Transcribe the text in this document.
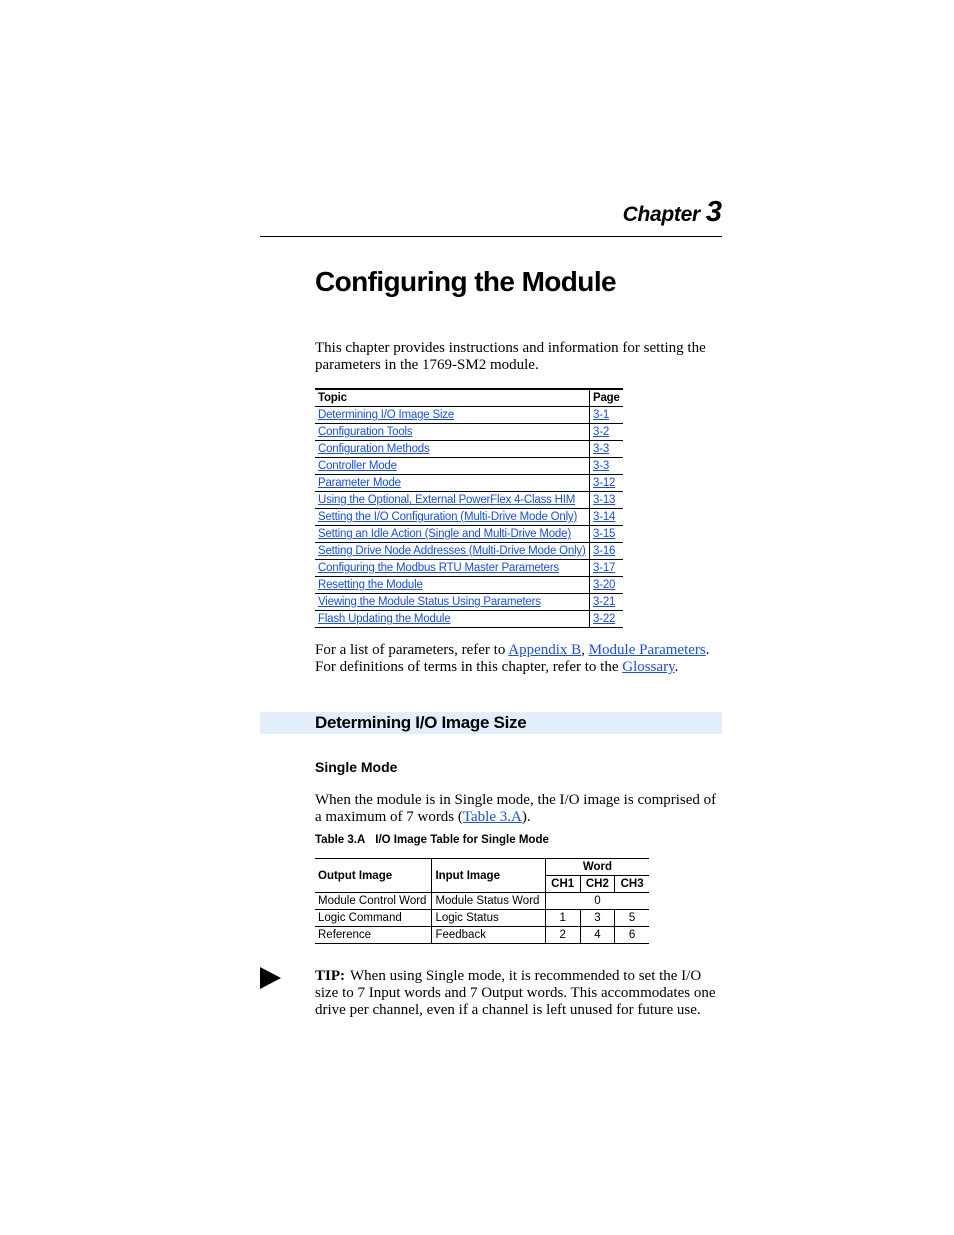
Chapter 3
Configuring the Module
This chapter provides instructions and information for setting the parameters in the 1769-SM2 module.
Topic	Page
Determining I/O Image Size	3-1
Configuration Tools	3-2
Configuration Methods	3-3
Controller Mode	3-3
Parameter Mode	3-12
Using the Optional, External PowerFlex 4-Class HIM	3-13
Setting the I/O Configuration (Multi-Drive Mode Only)	3-14
Setting an Idle Action (Single and Multi-Drive Mode)	3-15
Setting Drive Node Addresses (Multi-Drive Mode Only)	3-16
Configuring the Modbus RTU Master Parameters	3-17
Resetting the Module	3-20
Viewing the Module Status Using Parameters	3-21
Flash Updating the Module	3-22
For a list of parameters, refer to Appendix B, Module Parameters. For definitions of terms in this chapter, refer to the Glossary.
Determining I/O Image Size
Single Mode
When the module is in Single mode, the I/O image is comprised of a maximum of 7 words (Table 3.A).
Table 3.A I/O Image Table for Single Mode
Output Image	Input Image	Word		
		CH1	CH2	CH3
Module Control Word	Module Status Word	0		
Logic Command	Logic Status	1	3	5
Reference	Feedback	2	4	6
TIP: When using Single mode, it is recommended to set the I/O size to 7 Input words and 7 Output words. This accommodates one drive per channel, even if a channel is left unused for future use.
